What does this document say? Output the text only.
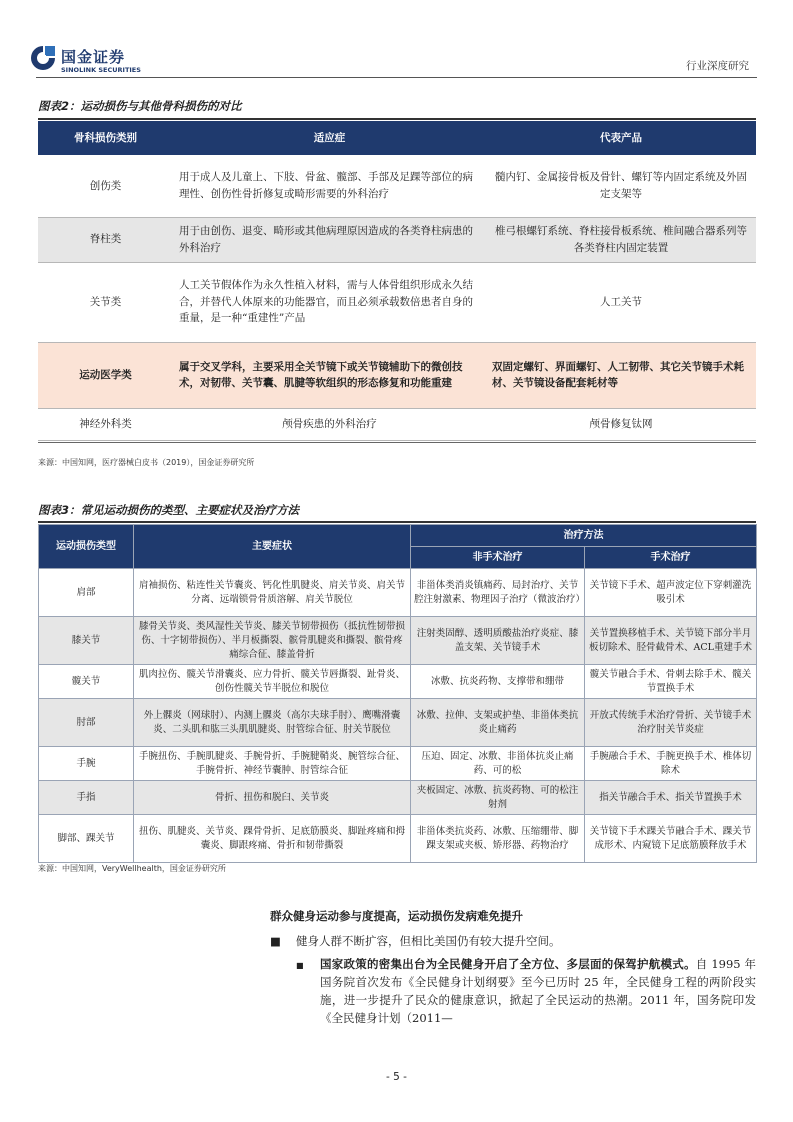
国金证券
SINOLINK SECURITIES	行业深度研究
图表2：运动损伤与其他骨科损伤的对比
骨科损伤类别	适应症	代表产品
创伤类	用于成人及儿童上、下肢、骨盆、髋部、手部及足踝等部位的病理性、创伤性骨折修复或畸形需要的外科治疗	髓内钉、金属接骨板及骨针、螺钉等内固定系统及外固定支架等
脊柱类	用于由创伤、退变、畸形或其他病理原因造成的各类脊柱病患的外科治疗	椎弓根螺钉系统、脊柱接骨板系统、椎间融合器系列等各类脊柱内固定装置
关节类	人工关节假体作为永久性植入材料，需与人体骨组织形成永久结合，并替代人体原来的功能器官，而且必须承载数倍患者自身的重量，是一种“重建性”产品	人工关节
运动医学类	属于交叉学科，主要采用全关节镜下或关节镜辅助下的微创技术，对韧带、关节囊、肌腱等软组织的形态修复和功能重建	双固定螺钉、界面螺钉、人工韧带、其它关节镜手术耗材、关节镜设备配套耗材等
神经外科类	颅骨疾患的外科治疗	颅骨修复钛网
来源：中国知网，医疗器械白皮书（2019），国金证券研究所
图表3：常见运动损伤的类型、主要症状及治疗方法
运动损伤类型	主要症状	治疗方法	
		非手术治疗	手术治疗
肩部	肩袖损伤、粘连性关节囊炎、钙化性肌腱炎、肩关节炎、肩关节分离、远端锁骨骨质溶解、肩关节脱位	非甾体类消炎镇痛药、局封治疗、关节腔注射激素、物理因子治疗（微波治疗）	关节镜下手术、超声波定位下穿刺灌洗吸引术
膝关节	膝骨关节炎、类风湿性关节炎、膝关节韧带损伤（抵抗性韧带损伤、十字韧带损伤）、半月板撕裂、髌骨肌腱炎和撕裂、髌骨疼痛综合征、膝盖骨折	注射类固醇、透明质酸盐治疗炎症、膝盖支架、关节镜手术	关节置换移植手术、关节镜下部分半月板切除术、胫骨截骨术、ACL重建手术
髋关节	肌肉拉伤、髋关节滑囊炎、应力骨折、髋关节唇撕裂、趾骨炎、创伤性髋关节半脱位和脱位	冰敷、抗炎药物、支撑带和绷带	髋关节融合手术、骨刺去除手术、髋关节置换手术
肘部	外上髁炎（网球肘）、内测上髁炎（高尔夫球手肘）、鹰嘴滑囊炎、二头肌和肱三头肌肌腱炎、肘管综合征、肘关节脱位	冰敷、拉伸、支架或护垫、非甾体类抗炎止痛药	开放式传统手术治疗骨折、关节镜手术治疗肘关节炎症
手腕	手腕扭伤、手腕肌腱炎、手腕骨折、手腕腱鞘炎、腕管综合征、手腕骨折、神经节囊肿、肘管综合征	压迫、固定、冰敷、非甾体抗炎止痛药、可的松	手腕融合手术、手腕更换手术、椎体切除术
手指	骨折、扭伤和脱臼、关节炎	夹板固定、冰敷、抗炎药物、可的松注射剂	指关节融合手术、指关节置换手术
脚部、踝关节	扭伤、肌腱炎、关节炎、踝骨骨折、足底筋膜炎、脚趾疼痛和拇囊炎、脚跟疼痛、骨折和韧带撕裂	非甾体类抗炎药、冰敷、压缩绷带、脚踝支架或夹板、矫形器、药物治疗	关节镜下手术踝关节融合手术、踝关节成形术、内窥镜下足底筋膜释放手术
来源：中国知网，VeryWellhealth，国金证券研究所
群众健身运动参与度提高，运动损伤发病难免提升
■	健身人群不断扩容，但相比美国仍有较大提升空间。
■	国家政策的密集出台为全民健身开启了全方位、多层面的保驾护航模式。自 1995 年国务院首次发布《全民健身计划纲要》至今已历时 25 年，全民健身工程的两阶段实施，进一步提升了民众的健康意识，掀起了全民运动的热潮。2011 年，国务院印发《全民健身计划（2011—
- 5 -
